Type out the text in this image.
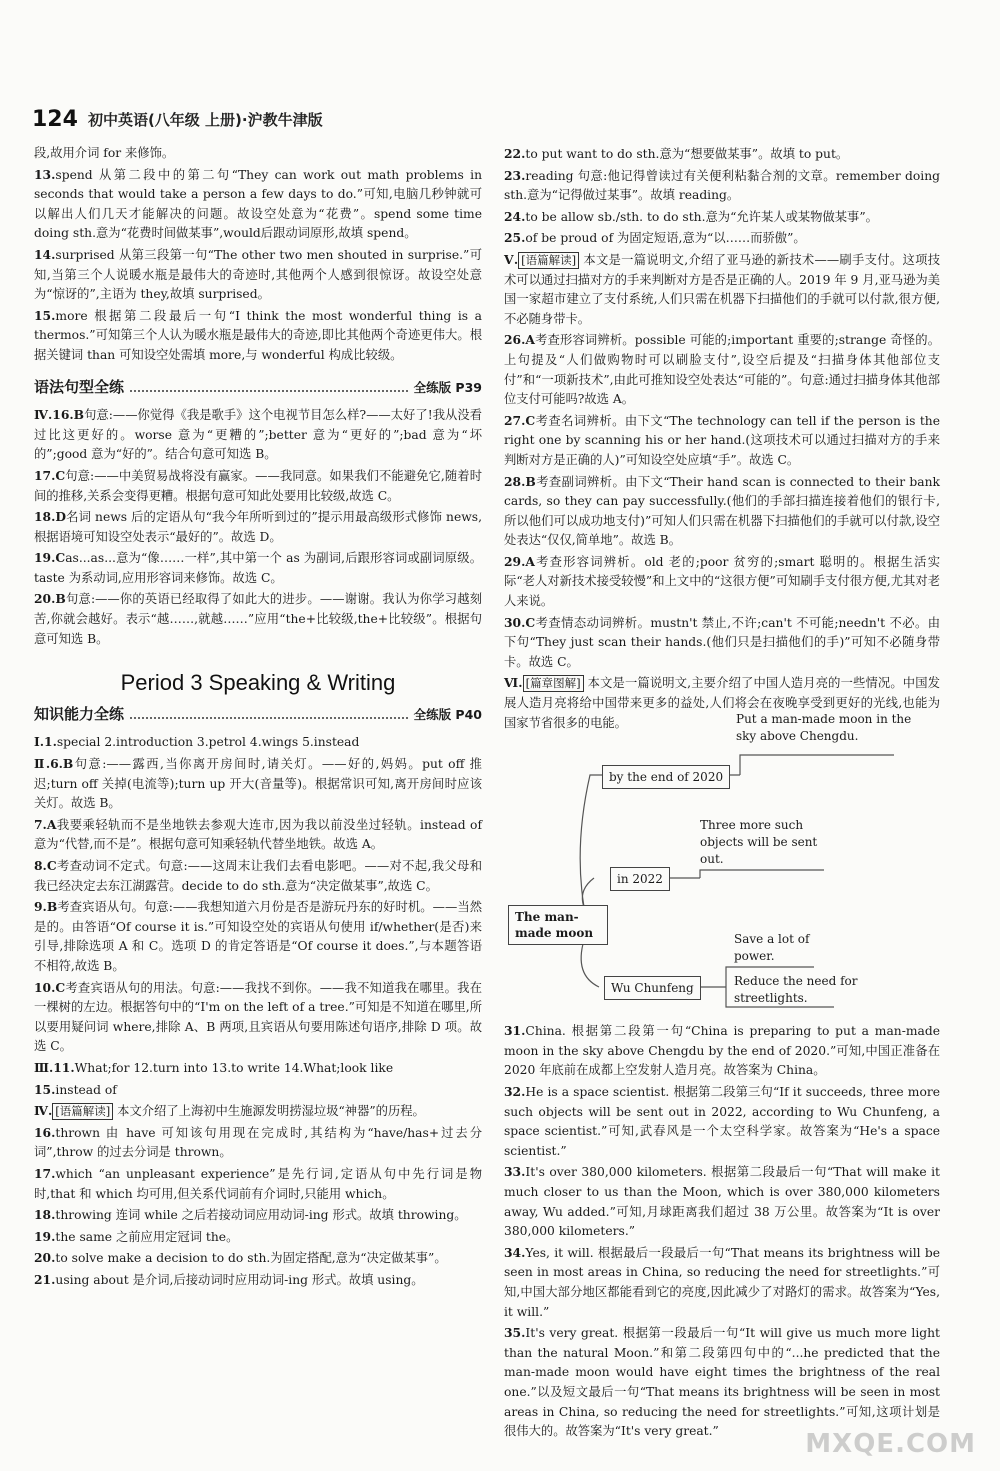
124 初中英语(八年级 上册)·沪教牛津版
段,故用介词 for 来修饰。
13.spend 从第二段中的第二句“They can work out math problems in seconds that would take a person a few days to do.”可知,电脑几秒钟就可以解出人们几天才能解决的问题。故设空处意为“花费”。spend some time doing sth.意为“花费时间做某事”,would后跟动词原形,故填 spend。
14.surprised 从第三段第一句“The other two men shouted in surprise.”可知,当第三个人说暖水瓶是最伟大的奇迹时,其他两个人感到很惊讶。故设空处意为“惊讶的”,主语为 they,故填 surprised。
15.more 根据第二段最后一句“I think the most wonderful thing is a thermos.”可知第三个人认为暖水瓶是最伟大的奇迹,即比其他两个奇迹更伟大。根据关键词 than 可知设空处需填 more,与 wonderful 构成比较级。
语法句型全练	全练版 P39
Ⅳ.16.B句意:——你觉得《我是歌手》这个电视节目怎么样?——太好了!我从没看过比这更好的。worse 意为“更糟的”;better 意为“更好的”;bad 意为“坏的”;good 意为“好的”。结合句意可知选 B。
17.C句意:——中美贸易战将没有赢家。——我同意。如果我们不能避免它,随着时间的推移,关系会变得更糟。根据句意可知此处要用比较级,故选 C。
18.D名词 news 后的定语从句“我今年所听到过的”提示用最高级形式修饰 news,根据语境可知设空处表示“最好的”。故选 D。
19.Cas...as...意为“像……一样”,其中第一个 as 为副词,后跟形容词或副词原级。taste 为系动词,应用形容词来修饰。故选 C。
20.B句意:——你的英语已经取得了如此大的进步。——谢谢。我认为你学习越刻苦,你就会越好。表示“越……,就越……”应用“the+比较级,the+比较级”。根据句意可知选 B。
Period 3 Speaking & Writing
知识能力全练	全练版 P40
Ⅰ.1.special 2.introduction 3.petrol 4.wings 5.instead
Ⅱ.6.B句意:——露西,当你离开房间时,请关灯。——好的,妈妈。put off 推迟;turn off 关掉(电流等);turn up 开大(音量等)。根据常识可知,离开房间时应该关灯。故选 B。
7.A我要乘轻轨而不是坐地铁去参观大连市,因为我以前没坐过轻轨。instead of 意为“代替,而不是”。根据句意可知乘轻轨代替坐地铁。故选 A。
8.C考查动词不定式。句意:——这周末让我们去看电影吧。——对不起,我父母和我已经决定去东江湖露营。decide to do sth.意为“决定做某事”,故选 C。
9.B考查宾语从句。句意:——我想知道六月份是否是游玩丹东的好时机。——当然是的。由答语“Of course it is.”可知设空处的宾语从句使用 if/whether(是否)来引导,排除选项 A 和 C。选项 D 的肯定答语是“Of course it does.”,与本题答语不相符,故选 B。
10.C考查宾语从句的用法。句意:——我找不到你。——我不知道我在哪里。我在一棵树的左边。根据答句中的“I'm on the left of a tree.”可知是不知道在哪里,所以要用疑问词 where,排除 A、B 两项,且宾语从句要用陈述句语序,排除 D 项。故选 C。
Ⅲ.11.What;for 12.turn into 13.to write 14.What;look like
15.instead of
Ⅳ. [语篇解读] 本文介绍了上海初中生施源发明捞湿垃圾“神器”的历程。
16.thrown 由 have 可知该句用现在完成时,其结构为“have/has+过去分词”,throw 的过去分词是 thrown。
17.which “an unpleasant experience”是先行词,定语从句中先行词是物时,that 和 which 均可用,但关系代词前有介词时,只能用 which。
18.throwing 连词 while 之后若接动词应用动词-ing 形式。故填 throwing。
19.the same 之前应用定冠词 the。
20.to solve make a decision to do sth.为固定搭配,意为“决定做某事”。
21.using about 是介词,后接动词时应用动词-ing 形式。故填 using。
22.to put want to do sth.意为“想要做某事”。故填 to put。
23.reading 句意:他记得曾读过有关便利粘黏合剂的文章。remember doing sth.意为“记得做过某事”。故填 reading。
24.to be allow sb./sth. to do sth.意为“允许某人或某物做某事”。
25.of be proud of 为固定短语,意为“以……而骄傲”。
Ⅴ. [语篇解读] 本文是一篇说明文,介绍了亚马逊的新技术——刷手支付。这项技术可以通过扫描对方的手来判断对方是否是正确的人。2019 年 9 月,亚马逊为美国一家超市建立了支付系统,人们只需在机器下扫描他们的手就可以付款,很方便,不必随身带卡。
26.A考查形容词辨析。possible 可能的;important 重要的;strange 奇怪的。上句提及“人们做购物时可以刷脸支付”,设空后提及“扫描身体其他部位支付”和“一项新技术”,由此可推知设空处表达“可能的”。句意:通过扫描身体其他部位支付可能吗?故选 A。
27.C考查名词辨析。由下文“The technology can tell if the person is the right one by scanning his or her hand.(这项技术可以通过扫描对方的手来判断对方是正确的人)”可知设空处应填“手”。故选 C。
28.B考查副词辨析。由下文“Their hand scan is connected to their bank cards, so they can pay successfully.(他们的手部扫描连接着他们的银行卡,所以他们可以成功地支付)”可知人们只需在机器下扫描他们的手就可以付款,设空处表达“仅仅,简单地”。故选 B。
29.A考查形容词辨析。old 老的;poor 贫穷的;smart 聪明的。根据生活实际“老人对新技术接受较慢”和上文中的“这很方便”可知刷手支付很方便,尤其对老人来说。
30.C考查情态动词辨析。mustn't 禁止,不许;can't 不可能;needn't 不必。由下句“They just scan their hands.(他们只是扫描他们的手)”可知不必随身带卡。故选 C。
Ⅵ. [篇章图解] 本文是一篇说明文,主要介绍了中国人造月亮的一些情况。中国发展人造月亮将给中国带来更多的益处,人们将会在夜晚享受到更好的光线,也能为国家节省很多的电能。
The man-made moon
by the end of 2020
Put a man-made moon in the sky above Chengdu.
in 2022
Three more such objects will be sent out.
Wu Chunfeng
Save a lot of power.
Reduce the need for streetlights.
31.China. 根据第二段第一句“China is preparing to put a man-made moon in the sky above Chengdu by the end of 2020.”可知,中国正准备在 2020 年底前在成都上空发射人造月亮。故答案为 China。
32.He is a space scientist. 根据第二段第三句“If it succeeds, three more such objects will be sent out in 2022, according to Wu Chunfeng, a space scientist.”可知,武春风是一个太空科学家。故答案为“He's a space scientist.”
33.It's over 380,000 kilometers. 根据第二段最后一句“That will make it much closer to us than the Moon, which is over 380,000 kilometers away, Wu added.”可知,月球距离我们超过 38 万公里。故答案为“It is over 380,000 kilometers.”
34.Yes, it will. 根据最后一段最后一句“That means its brightness will be seen in most areas in China, so reducing the need for streetlights.”可知,中国大部分地区都能看到它的亮度,因此减少了对路灯的需求。故答案为“Yes, it will.”
35.It's very great. 根据第一段最后一句“It will give us much more light than the natural Moon.”和第二段第四句中的“...he predicted that the man-made moon would have eight times the brightness of the real one.”以及短文最后一句“That means its brightness will be seen in most areas in China, so reducing the need for streetlights.”可知,这项计划是很伟大的。故答案为“It's very great.”	MXQE.COM
